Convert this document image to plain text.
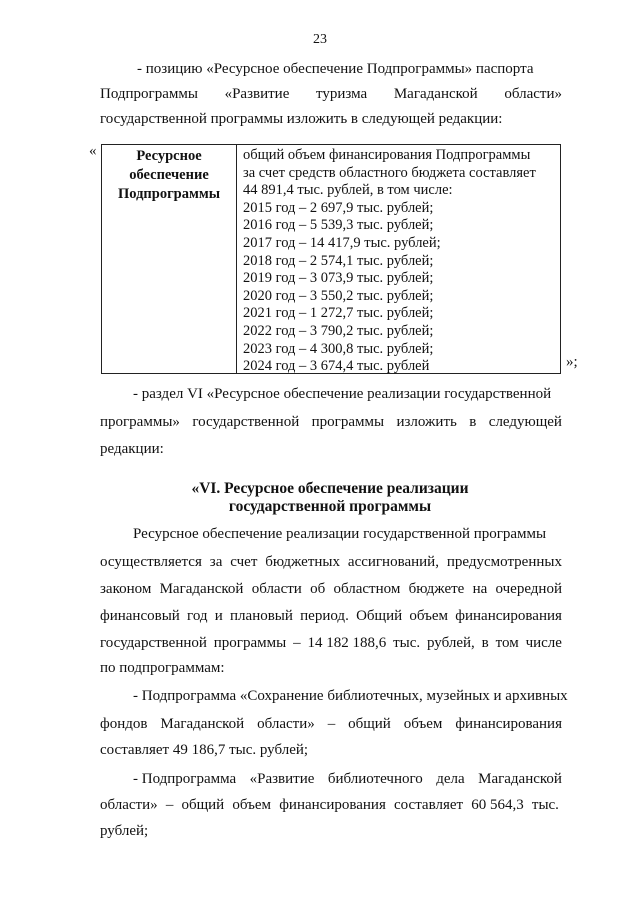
23
- позицию «Ресурсное обеспечение Подпрограммы» паспорта
Подпрограммы «Развитие туризма Магаданской области»
государственной программы изложить в следующей редакции:
«	Ресурсное
обеспечение
Подпрограммы
общий объем финансирования Подпрограммы
за счет средств областного бюджета составляет
44 891,4 тыс. рублей, в том числе:
2015 год – 2 697,9 тыс. рублей;
2016 год – 5 539,3 тыс. рублей;
2017 год – 14 417,9 тыс. рублей;
2018 год – 2 574,1 тыс. рублей;
2019 год – 3 073,9 тыс. рублей;
2020 год – 3 550,2 тыс. рублей;
2021 год – 1 272,7 тыс. рублей;
2022 год – 3 790,2 тыс. рублей;
2023 год – 4 300,8 тыс. рублей;
2024 год – 3 674,4 тыс. рублей	»;
- раздел VI «Ресурсное обеспечение реализации государственной
программы» государственной программы изложить в следующей
редакции:
«VI. Ресурсное обеспечение реализации
государственной программы
Ресурсное обеспечение реализации государственной программы
осуществляется за счет бюджетных ассигнований, предусмотренных
законом Магаданской области об областном бюджете на очередной
финансовый год и плановый период. Общий объем финансирования
государственной программы – 14 182 188,6 тыс. рублей, в том числе
по подпрограммам:
- Подпрограмма «Сохранение библиотечных, музейных и архивных
фондов Магаданской области» – общий объем финансирования
составляет 49 186,7 тыс. рублей;
- Подпрограмма «Развитие библиотечного дела Магаданской
области» – общий объем финансирования составляет 60 564,3 тыс.
рублей;
